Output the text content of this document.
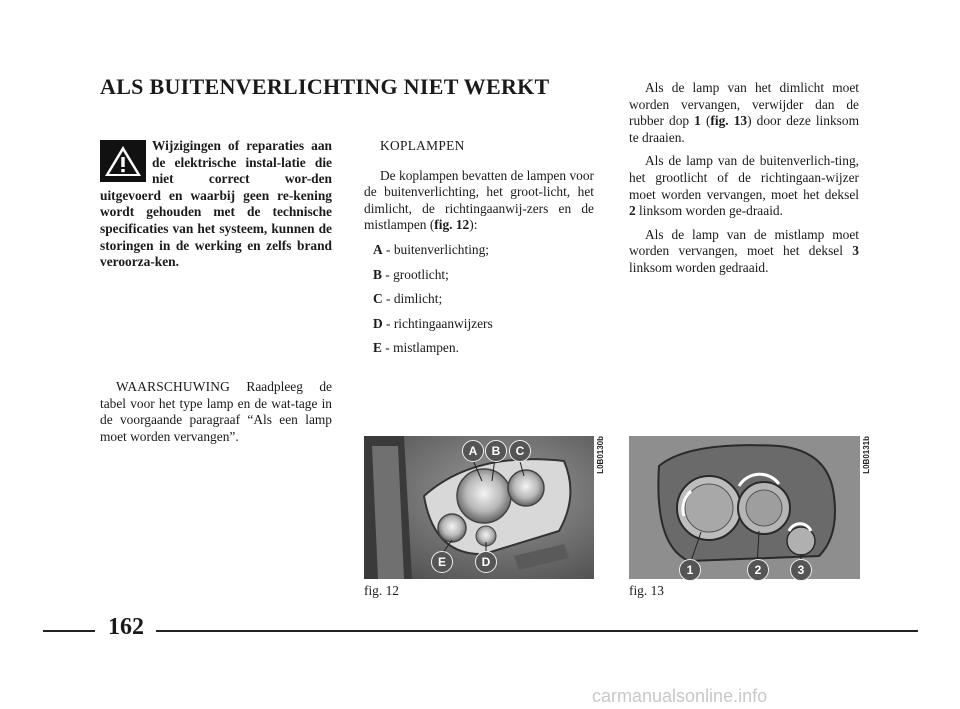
ALS BUITENVERLICHTING NIET WERKT
Wijzigingen of reparaties aan de elektrische instal-latie die niet correct wor-den uitgevoerd en waarbij geen re-kening wordt gehouden met de technische specificaties van het systeem, kunnen de storingen in de werking en zelfs brand veroorza-ken.
WAARSCHUWING Raadpleeg de tabel voor het type lamp en de wat-tage in de voorgaande paragraaf “Als een lamp moet worden vervangen”.
KOPLAMPEN

De koplampen bevatten de lampen voor de buitenverlichting, het groot-licht, het dimlicht, de richtingaanwij-zers en de mistlampen (fig. 12):

A - buitenverlichting;
B - grootlicht;
C - dimlicht;
D - richtingaanwijzers
E - mistlampen.

Als de lamp van het dimlicht moet worden vervangen, verwijder dan de rubber dop 1 (fig. 13) door deze linksom te draaien.

Als de lamp van de buitenverlich-ting, het grootlicht of de richtingaan-wijzer moet worden vervangen, moet het deksel 2 linksom worden ge-draaid.

Als de lamp van de mistlamp moet worden vervangen, moet het deksel 3 linksom worden gedraaid.

A	B	C
D
E
L0B0130b
fig. 12
1	2	3
L0B0131b
fig. 13
162
carmanualsonline.info
